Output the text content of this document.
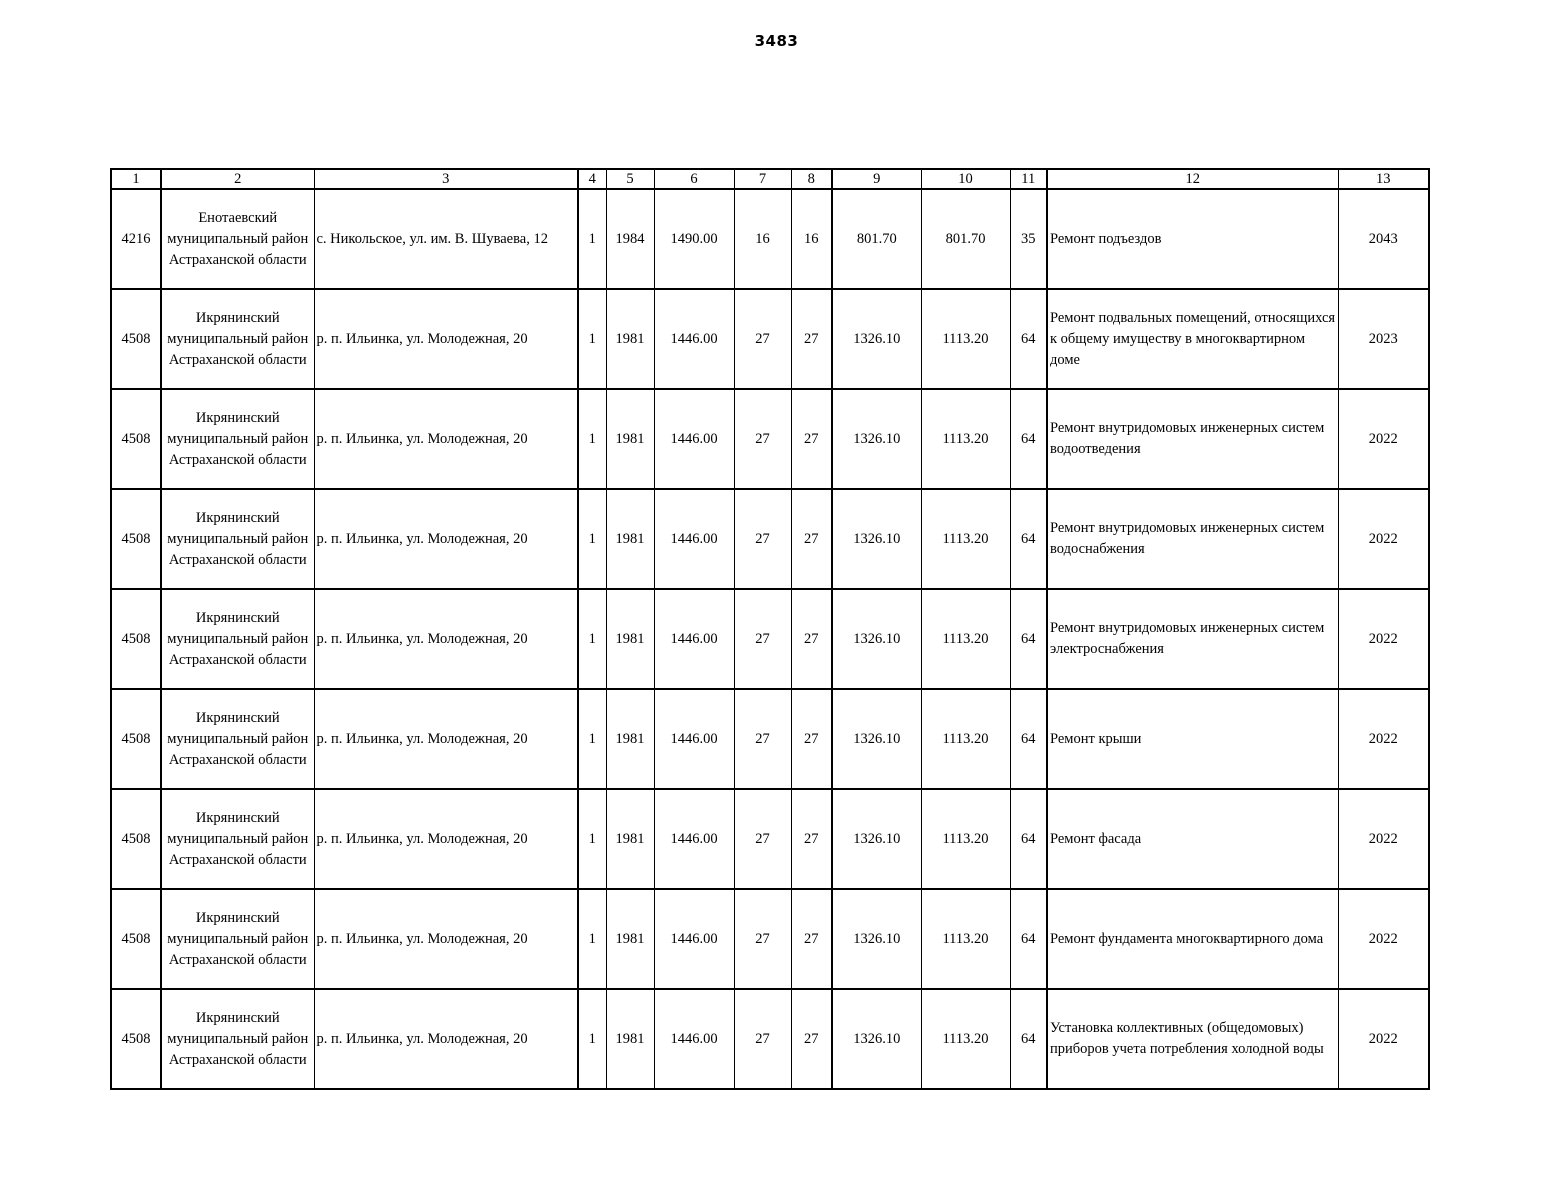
3483
1	2	3	4	5	6	7	8	9	10	11	12	13
4216	Енотаевский муниципальный район Астраханской области	с. Никольское, ул. им. В. Шуваева, 12	1	1984	1490.00	16	16	801.70	801.70	35	Ремонт подъездов	2043
4508	Икрянинский муниципальный район Астраханской области	р. п. Ильинка, ул. Молодежная, 20	1	1981	1446.00	27	27	1326.10	1113.20	64	Ремонт подвальных помещений, относящихся к общему имуществу в многоквартирном доме	2023
4508	Икрянинский муниципальный район Астраханской области	р. п. Ильинка, ул. Молодежная, 20	1	1981	1446.00	27	27	1326.10	1113.20	64	Ремонт внутридомовых инженерных систем водоотведения	2022
4508	Икрянинский муниципальный район Астраханской области	р. п. Ильинка, ул. Молодежная, 20	1	1981	1446.00	27	27	1326.10	1113.20	64	Ремонт внутридомовых инженерных систем водоснабжения	2022
4508	Икрянинский муниципальный район Астраханской области	р. п. Ильинка, ул. Молодежная, 20	1	1981	1446.00	27	27	1326.10	1113.20	64	Ремонт внутридомовых инженерных систем электроснабжения	2022
4508	Икрянинский муниципальный район Астраханской области	р. п. Ильинка, ул. Молодежная, 20	1	1981	1446.00	27	27	1326.10	1113.20	64	Ремонт крыши	2022
4508	Икрянинский муниципальный район Астраханской области	р. п. Ильинка, ул. Молодежная, 20	1	1981	1446.00	27	27	1326.10	1113.20	64	Ремонт фасада	2022
4508	Икрянинский муниципальный район Астраханской области	р. п. Ильинка, ул. Молодежная, 20	1	1981	1446.00	27	27	1326.10	1113.20	64	Ремонт фундамента многоквартирного дома	2022
4508	Икрянинский муниципальный район Астраханской области	р. п. Ильинка, ул. Молодежная, 20	1	1981	1446.00	27	27	1326.10	1113.20	64	Установка коллективных (общедомовых) приборов учета потребления холодной воды	2022
